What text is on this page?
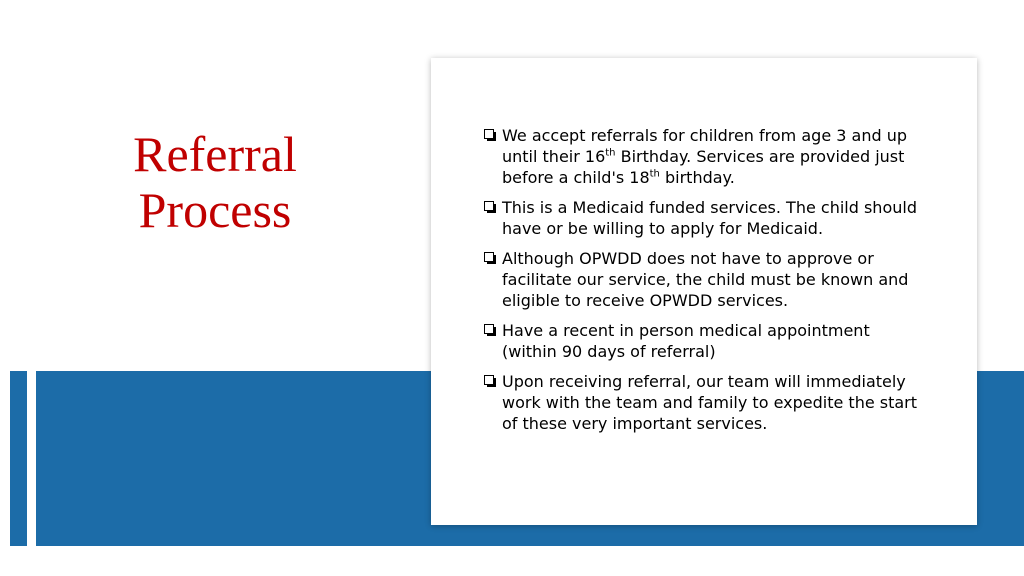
Referral
Process
We accept referrals for children from age 3 and up until their 16th Birthday. Services are provided just before a child's 18th birthday.
This is a Medicaid funded services. The child should have or be willing to apply for Medicaid.
Although OPWDD does not have to approve or facilitate our service, the child must be known and eligible to receive OPWDD services.
Have a recent in person medical appointment (within 90 days of referral)
Upon receiving referral, our team will immediately work with the team and family to expedite the start of these very important services.
